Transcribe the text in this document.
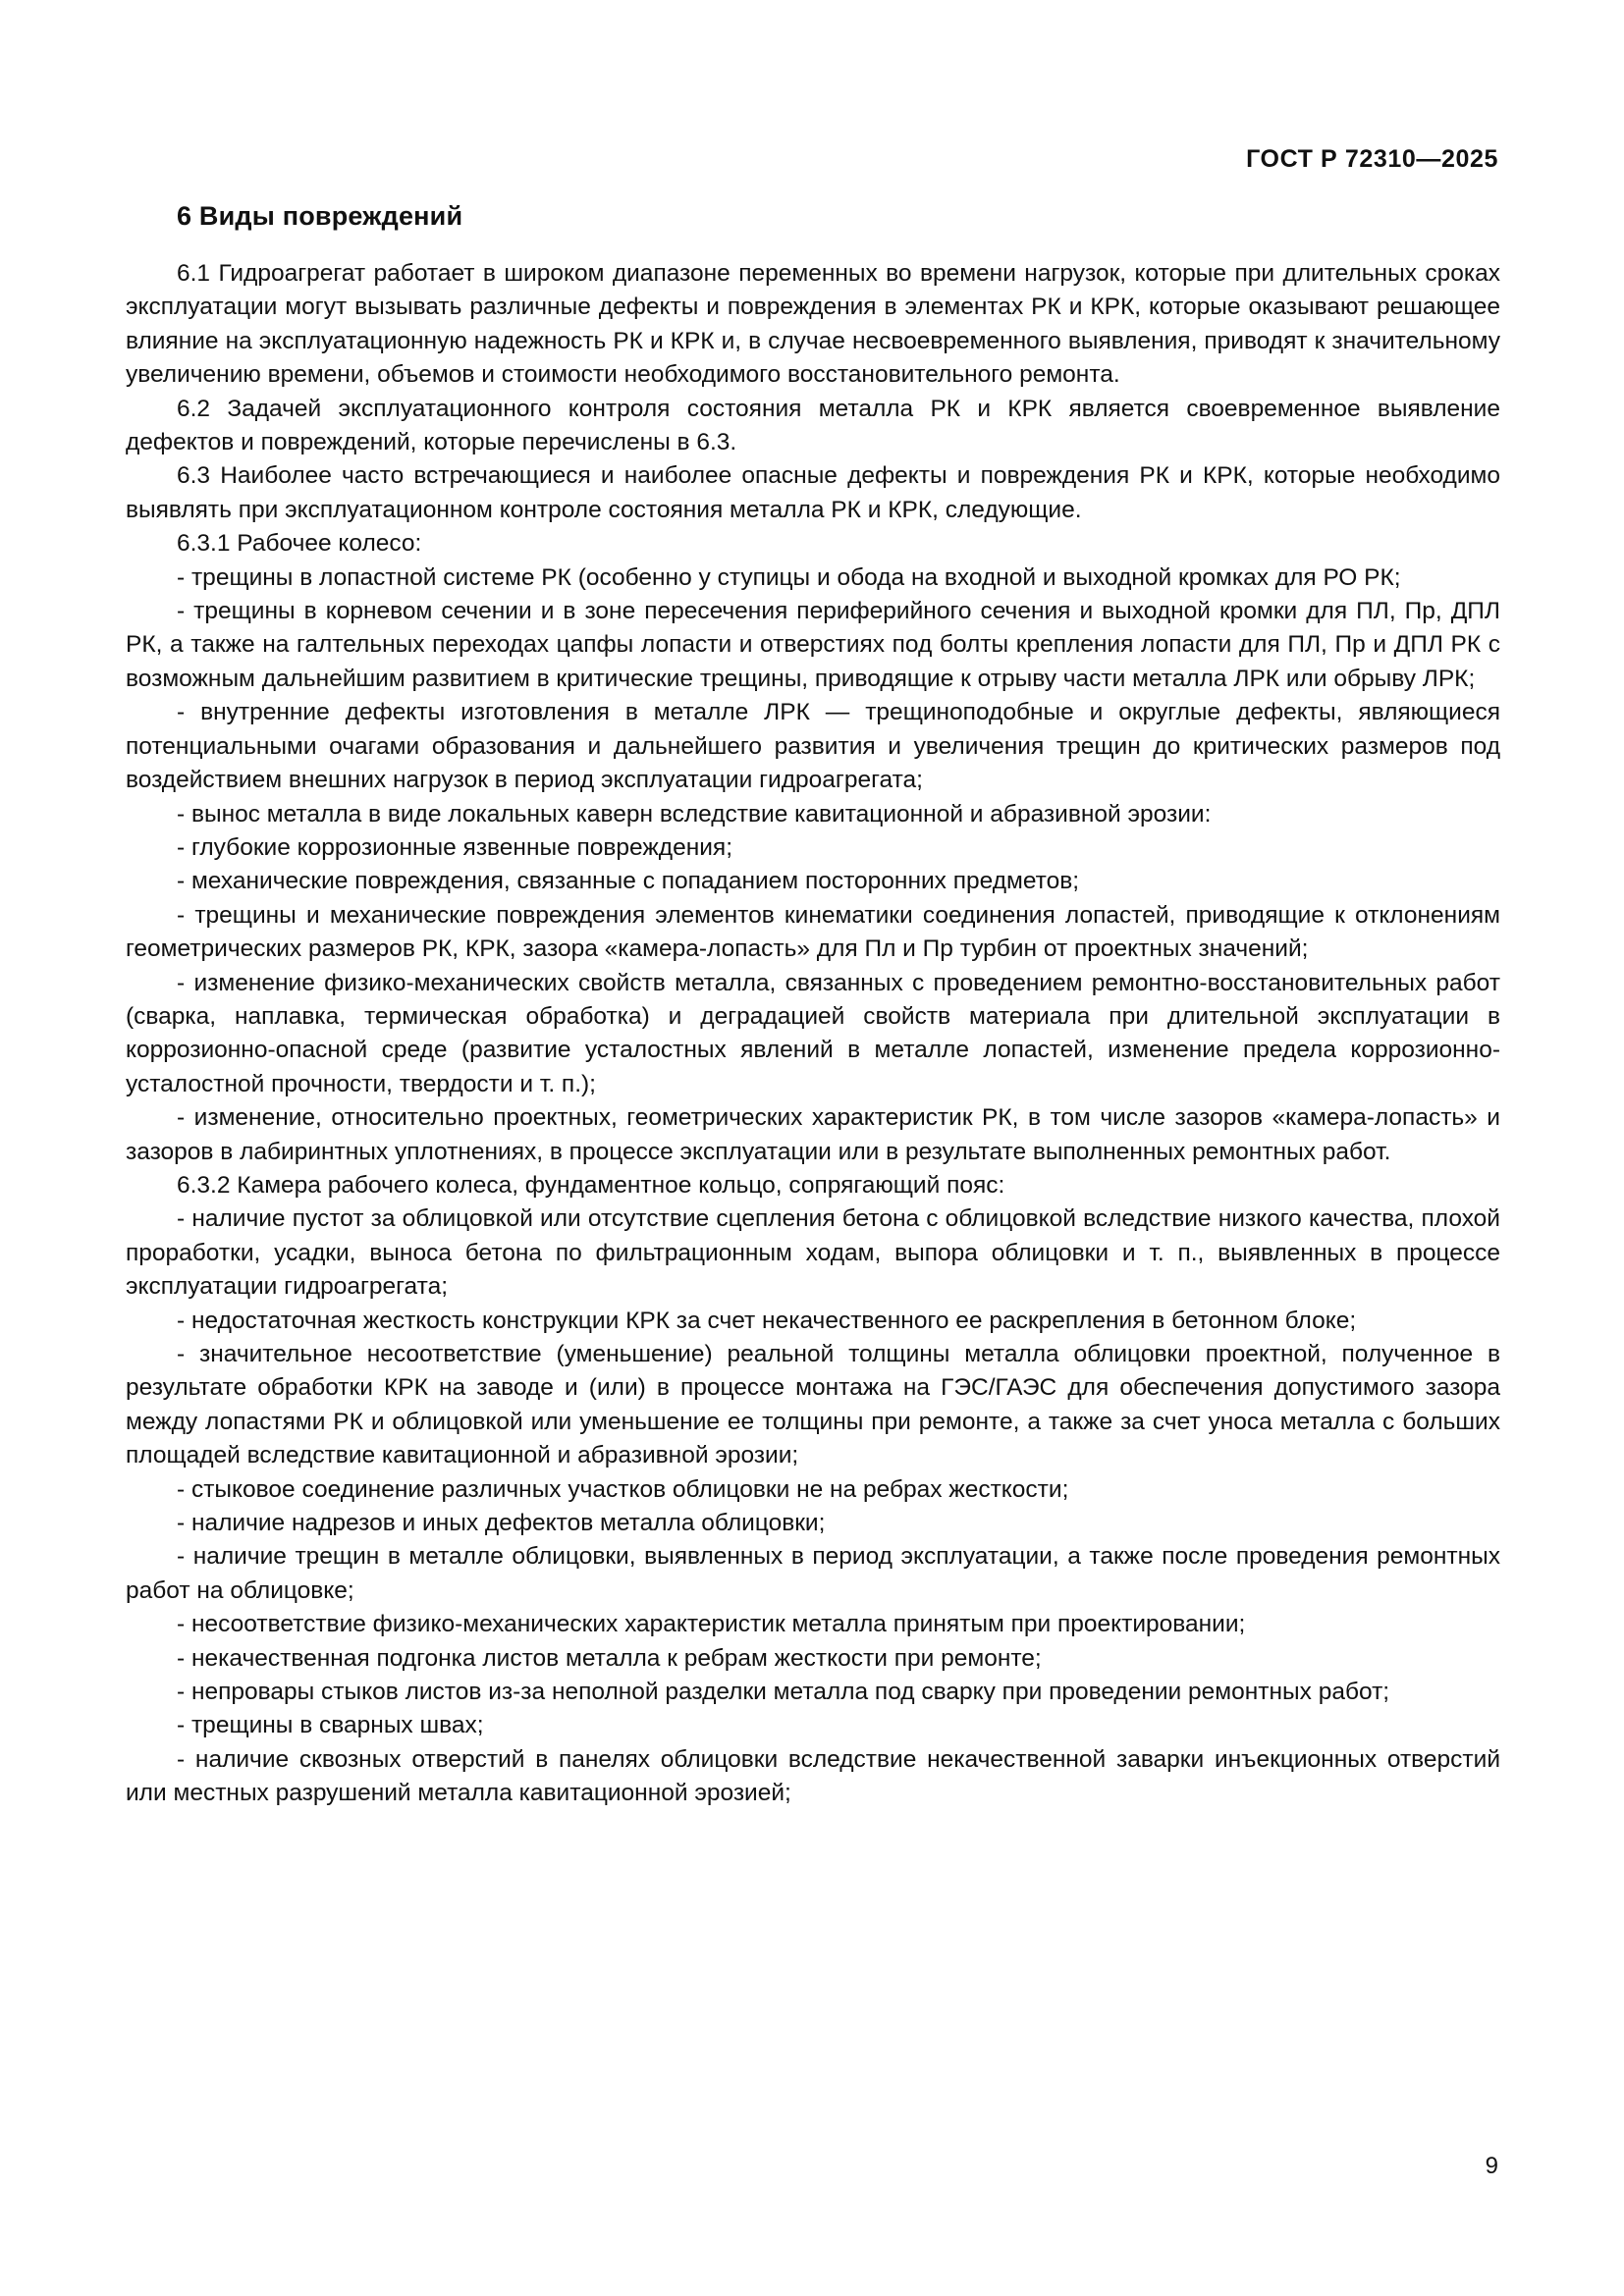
ГОСТ Р 72310—2025
6 Виды повреждений

6.1 Гидроагрегат работает в широком диапазоне переменных во времени нагрузок, которые при длительных сроках эксплуатации могут вызывать различные дефекты и повреждения в элементах РК и КРК, которые оказывают решающее влияние на эксплуатационную надежность РК и КРК и, в случае несвоевременного выявления, приводят к значительному увеличению времени, объемов и стоимости необходимого восстановительного ремонта.

6.2 Задачей эксплуатационного контроля состояния металла РК и КРК является своевременное выявление дефектов и повреждений, которые перечислены в 6.3.

6.3 Наиболее часто встречающиеся и наиболее опасные дефекты и повреждения РК и КРК, которые необходимо выявлять при эксплуатационном контроле состояния металла РК и КРК, следующие.

6.3.1 Рабочее колесо:

- трещины в лопастной системе РК (особенно у ступицы и обода на входной и выходной кромках для РО РК;

- трещины в корневом сечении и в зоне пересечения периферийного сечения и выходной кромки для ПЛ, Пр, ДПЛ РК, а также на галтельных переходах цапфы лопасти и отверстиях под болты крепления лопасти для ПЛ, Пр и ДПЛ РК с возможным дальнейшим развитием в критические трещины, приводящие к отрыву части металла ЛРК или обрыву ЛРК;

- внутренние дефекты изготовления в металле ЛРК — трещиноподобные и округлые дефекты, являющиеся потенциальными очагами образования и дальнейшего развития и увеличения трещин до критических размеров под воздействием внешних нагрузок в период эксплуатации гидроагрегата;

- вынос металла в виде локальных каверн вследствие кавитационной и абразивной эрозии:

- глубокие коррозионные язвенные повреждения;

- механические повреждения, связанные с попаданием посторонних предметов;

- трещины и механические повреждения элементов кинематики соединения лопастей, приводящие к отклонениям геометрических размеров РК, КРК, зазора «камера-лопасть» для Пл и Пр турбин от проектных значений;

- изменение физико-механических свойств металла, связанных с проведением ремонтно-восстановительных работ (сварка, наплавка, термическая обработка) и деградацией свойств материала при длительной эксплуатации в коррозионно-опасной среде (развитие усталостных явлений в металле лопастей, изменение предела коррозионно-усталостной прочности, твердости и т. п.);

- изменение, относительно проектных, геометрических характеристик РК, в том числе зазоров «камера-лопасть» и зазоров в лабиринтных уплотнениях, в процессе эксплуатации или в результате выполненных ремонтных работ.

6.3.2 Камера рабочего колеса, фундаментное кольцо, сопрягающий пояс:

- наличие пустот за облицовкой или отсутствие сцепления бетона с облицовкой вследствие низкого качества, плохой проработки, усадки, выноса бетона по фильтрационным ходам, выпора облицовки и т. п., выявленных в процессе эксплуатации гидроагрегата;

- недостаточная жесткость конструкции КРК за счет некачественного ее раскрепления в бетонном блоке;

- значительное несоответствие (уменьшение) реальной толщины металла облицовки проектной, полученное в результате обработки КРК на заводе и (или) в процессе монтажа на ГЭС/ГАЭС для обеспечения допустимого зазора между лопастями РК и облицовкой или уменьшение ее толщины при ремонте, а также за счет уноса металла с больших площадей вследствие кавитационной и абразивной эрозии;

- стыковое соединение различных участков облицовки не на ребрах жесткости;

- наличие надрезов и иных дефектов металла облицовки;

- наличие трещин в металле облицовки, выявленных в период эксплуатации, а также после проведения ремонтных работ на облицовке;

- несоответствие физико-механических характеристик металла принятым при проектировании;

- некачественная подгонка листов металла к ребрам жесткости при ремонте;

- непровары стыков листов из-за неполной разделки металла под сварку при проведении ремонтных работ;

- трещины в сварных швах;

- наличие сквозных отверстий в панелях облицовки вследствие некачественной заварки инъекционных отверстий или местных разрушений металла кавитационной эрозией;

9
